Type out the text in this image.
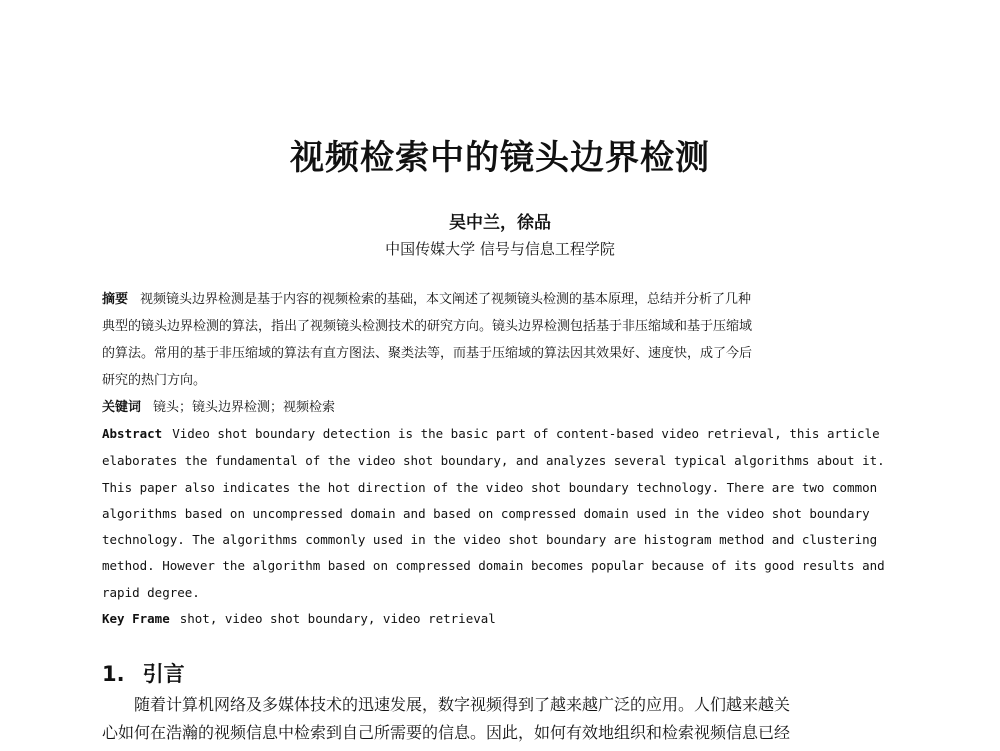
视频检索中的镜头边界检测
吴中兰，徐品
中国传媒大学 信号与信息工程学院

摘要 视频镜头边界检测是基于内容的视频检索的基础，本文阐述了视频镜头检测的基本原理，总结并分析了几种

典型的镜头边界检测的算法，指出了视频镜头检测技术的研究方向。镜头边界检测包括基于非压缩域和基于压缩域

的算法。常用的基于非压缩域的算法有直方图法、聚类法等，而基于压缩域的算法因其效果好、速度快，成了今后

研究的热门方向。

关键词 镜头；镜头边界检测；视频检索

Abstract Video shot boundary detection is the basic part of content-based video retrieval, this article

elaborates the fundamental of the video shot boundary, and analyzes several typical algorithms about it.

This paper also indicates the hot direction of the video shot boundary technology. There are two common

algorithms based on uncompressed domain and based on compressed domain used in the video shot boundary

technology. The algorithms commonly used in the video shot boundary are histogram method and clustering

method. However the algorithm based on compressed domain becomes popular because of its good results and

rapid degree.

Key Frame shot, video shot boundary, video retrieval

1. 引言

随着计算机网络及多媒体技术的迅速发展，数字视频得到了越来越广泛的应用。人们越来越关

心如何在浩瀚的视频信息中检索到自己所需要的信息。因此，如何有效地组织和检索视频信息已经
